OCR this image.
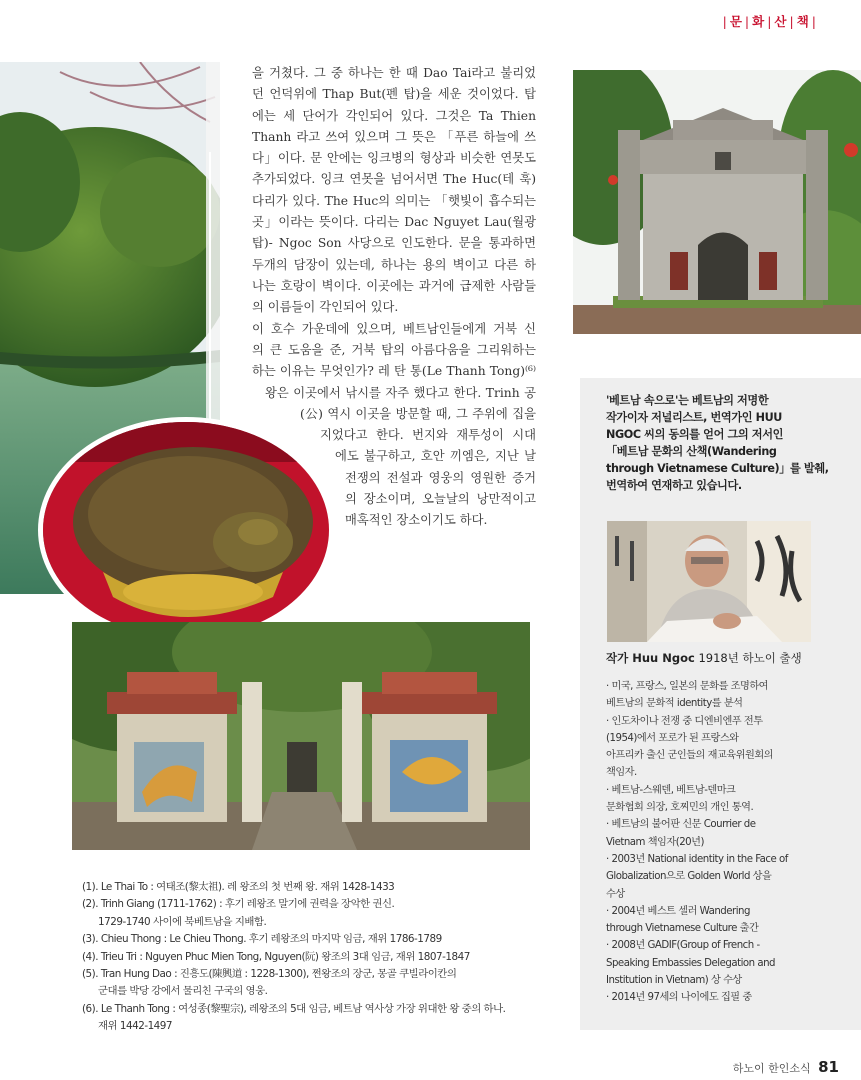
| 문 | 화 | 산 | 책 |
을 거쳤다. 그 중 하나는 한 때 Dao Tai라고 불리었
던 언덕위에 Thap But(펜 탑)을 세운 것이었다. 탑
에는 세 단어가 각인되어 있다. 그것은 Ta Thien
Thanh 라고 쓰여 있으며 그 뜻은 「푸른 하늘에 쓰
다」이다. 문 안에는 잉크병의 형상과 비슷한 연못도
추가되었다. 잉크 연못을 넘어서면 The Huc(테 훅)
다리가 있다. The Huc의 의미는 「햇빛이 흡수되는
곳」이라는 뜻이다. 다리는 Dac Nguyet Lau(월광
탑)- Ngoc Son 사당으로 인도한다. 문을 통과하면
두개의 담장이 있는데, 하나는 용의 벽이고 다른 하
나는 호랑이 벽이다. 이곳에는 과거에 급제한 사람들
의 이름들이 각인되어 있다.
이 호수 가운데에 있으며, 베트남인들에게 거북 신
의 큰 도움을 준, 거북 탑의 아름다움을 그리워하는
하는 이유는 무엇인가? 레 탄 통(Le Thanh Tong)⁽⁶⁾
왕은 이곳에서 낚시를 자주 했다고 한다. Trinh 공
(公) 역시 이곳을 방문할 때, 그 주위에 집을
지었다고 한다. 번지와 재투성이 시대
에도 불구하고, 호안 끼엠은, 지난 날
전쟁의 전설과 영웅의 영원한 증거
의 장소이며, 오늘날의 낭만적이고
매혹적인 장소이기도 하다.
'베트남 속으로'는 베트남의 저명한
작가이자 저널리스트, 번역가인 HUU
NGOC 씨의 동의를 얻어 그의 저서인
「베트남 문화의 산책(Wandering
through Vietnamese Culture)」를 발췌,
번역하여 연재하고 있습니다.
작가 Huu Ngoc 1918년 하노이 출생
· 미국, 프랑스, 일본의 문화를 조명하여
베트남의 문화적 identity를 분석
· 인도차이나 전쟁 중 디엔비엔푸 전투
(1954)에서 포로가 된 프랑스와
아프리카 출신 군인들의 재교육위원회의
책임자.
· 베트남-스웨덴, 베트남-덴마크
문화협회 의장, 호찌민의 개인 통역.
· 베트남의 불어판 신문 Courrier de
Vietnam 책임자(20년)
· 2003년 National identity in the Face of
Globalization으로 Golden World 상을
수상
· 2004년 베스트 셀러 Wandering
through Vietnamese Culture 출간
· 2008년 GADIF(Group of French -
Speaking Embassies Delegation and
Institution in Vietnam) 상 수상
· 2014년 97세의 나이에도 집필 중
(1). Le Thai To : 여태조(黎太祖). 레 왕조의 첫 번째 왕. 재위 1428-1433
(2). Trinh Giang (1711-1762) : 후기 레왕조 말기에 권력을 장악한 권신.
1729-1740 사이에 북베트남을 지배함.
(3). Chieu Thong : Le Chieu Thong. 후기 레왕조의 마지막 임금, 재위 1786-1789
(4). Trieu Tri : Nguyen Phuc Mien Tong, Nguyen(阮) 왕조의 3대 임금, 재위 1807-1847
(5). Tran Hung Dao : 진흥도(陳興道 : 1228-1300), 쩐왕조의 장군, 몽골 쿠빌라이칸의
군대를 박당 강에서 물리친 구국의 영웅.
(6). Le Thanh Tong : 여성종(黎聖宗), 레왕조의 5대 임금, 베트남 역사상 가장 위대한 왕 중의 하나.
재위 1442-1497
하노이 한인소식 81
